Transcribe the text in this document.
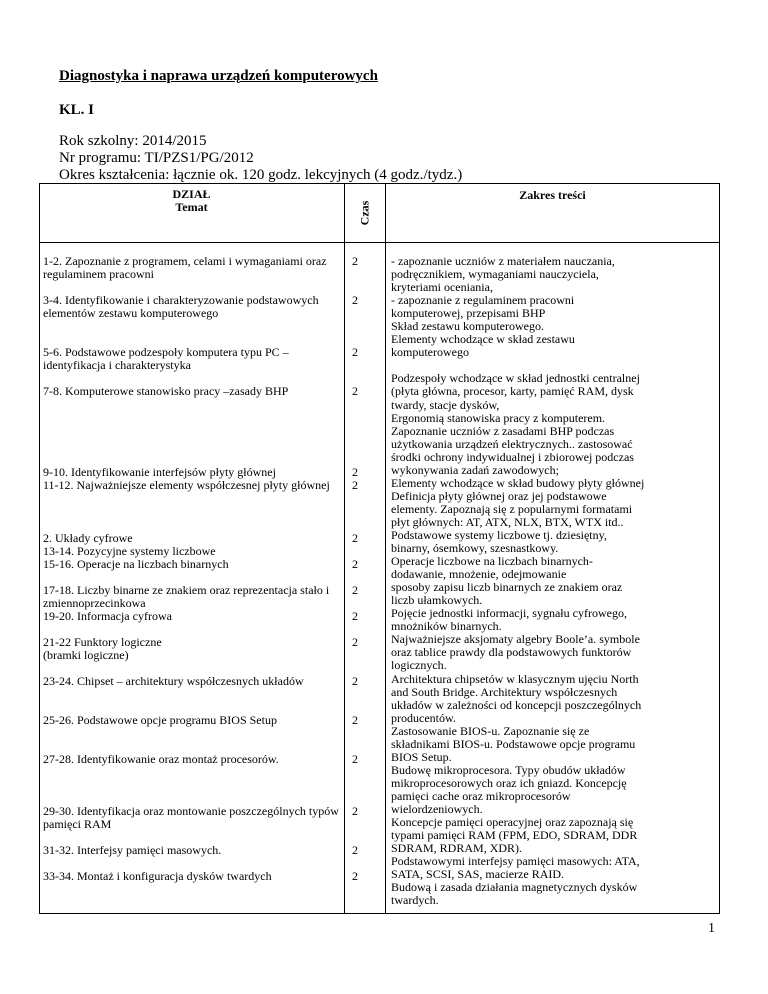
Diagnostyka i naprawa urządzeń komputerowych
KL. I
Rok szkolny: 2014/2015
Nr programu: TI/PZS1/PG/2012
Okres kształcenia: łącznie ok. 120 godz. lekcyjnych (4 godz./tydz.)
DZIAŁ
Temat	Czas
Zakres treści
1-2. Zapoznanie z programem, celami i wymaganiami oraz regulaminem pracowni
3-4. Identyfikowanie i charakteryzowanie podstawowych elementów zestawu komputerowego
5-6. Podstawowe podzespoły komputera typu PC – identyfikacja i charakterystyka
7-8. Komputerowe stanowisko pracy –zasady BHP
9-10. Identyfikowanie interfejsów płyty głównej
11-12. Najważniejsze elementy współczesnej płyty głównej
2. Układy cyfrowe
13-14. Pozycyjne systemy liczbowe
15-16. Operacje na liczbach binarnych
17-18. Liczby binarne ze znakiem oraz reprezentacja stało i zmiennoprzecinkowa
19-20. Informacja cyfrowa
21-22 Funktory logiczne
(bramki logiczne)
23-24. Chipset – architektury współczesnych układów
25-26. Podstawowe opcje programu BIOS Setup
27-28. Identyfikowanie oraz montaż procesorów.
29-30. Identyfikacja oraz montowanie poszczególnych typów pamięci RAM
31-32. Interfejsy pamięci masowych.
33-34. Montaż i konfiguracja dysków twardych
2
2
2
2
2
2
2
2
2
2
2
2
2
2
2
2
2
- zapoznanie uczniów z materiałem nauczania,
podręcznikiem, wymaganiami nauczyciela,
kryteriami oceniania,
- zapoznanie z regulaminem pracowni
komputerowej, przepisami BHP
Skład zestawu komputerowego.
Elementy wchodzące w skład zestawu
komputerowego

Podzespoły wchodzące w skład jednostki centralnej
(płyta główna, procesor, karty, pamięć RAM, dysk
twardy, stacje dysków,
Ergonomią stanowiska pracy z komputerem.
Zapoznanie uczniów z zasadami BHP podczas
użytkowania urządzeń elektrycznych.. zastosować
środki ochrony indywidualnej i zbiorowej podczas
wykonywania zadań zawodowych;
Elementy wchodzące w skład budowy płyty głównej
Definicja płyty głównej oraz jej podstawowe
elementy. Zapoznają się z popularnymi formatami
płyt głównych: AT, ATX, NLX, BTX, WTX itd..
Podstawowe systemy liczbowe tj. dziesiętny,
binarny, ósemkowy, szesnastkowy.
Operacje liczbowe na liczbach binarnych-
dodawanie, mnożenie, odejmowanie
sposoby zapisu liczb binarnych ze znakiem oraz
liczb ułamkowych.
Pojęcie jednostki informacji, sygnału cyfrowego,
mnożników binarnych.
Najważniejsze aksjomaty algebry Boole’a. symbole
oraz tablice prawdy dla podstawowych funktorów
logicznych.
Architektura chipsetów w klasycznym ujęciu North
and South Bridge. Architektury współczesnych
układów w zależności od koncepcji poszczególnych
producentów.
Zastosowanie BIOS-u. Zapoznanie się ze
składnikami BIOS-u. Podstawowe opcje programu
BIOS Setup.
Budowę mikroprocesora. Typy obudów układów
mikroprocesorowych oraz ich gniazd. Koncepcję
pamięci cache oraz mikroprocesorów
wielordzeniowych.
Koncepcje pamięci operacyjnej oraz zapoznają się
typami pamięci RAM (FPM, EDO, SDRAM, DDR
SDRAM, RDRAM, XDR).
Podstawowymi interfejsy pamięci masowych: ATA,
SATA, SCSI, SAS, macierze RAID.
Budową i zasada działania magnetycznych dysków
twardych.
1
